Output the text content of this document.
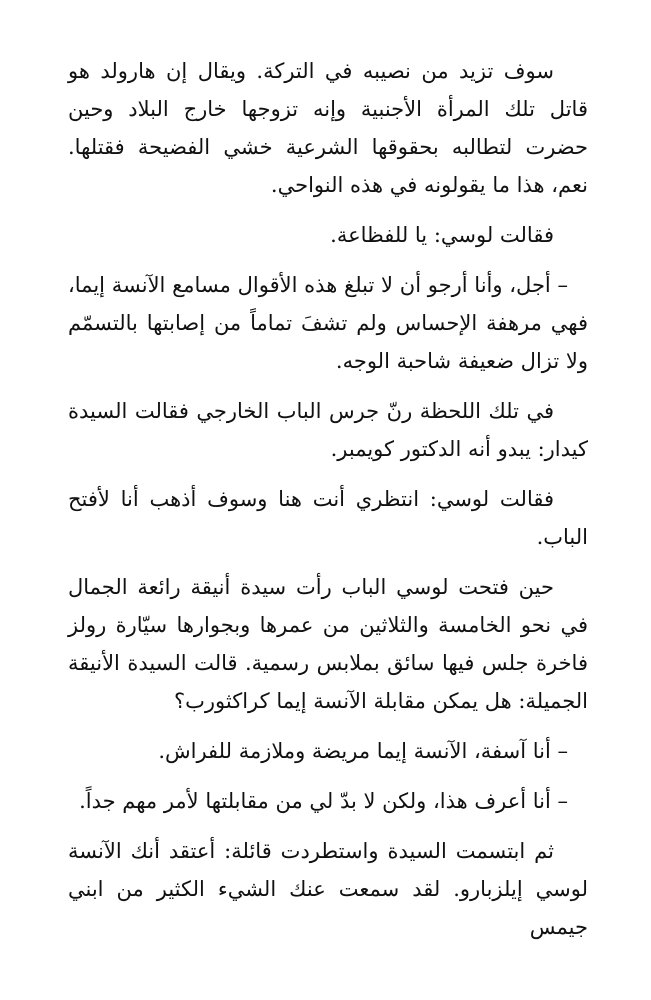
سوف تزيد من نصيبه في التركة. ويقال إن هارولد هو قاتل تلك المرأة الأجنبية وإنه تزوجها خارج البلاد وحين حضرت لتطالبه بحقوقها الشرعية خشي الفضيحة فقتلها. نعم، هذا ما يقولونه في هذه النواحي.

فقالت لوسي: يا للفظاعة.

– أجل، وأنا أرجو أن لا تبلغ هذه الأقوال مسامع الآنسة إيما، فهي مرهفة الإحساس ولم تشفَ تماماً من إصابتها بالتسمّم ولا تزال ضعيفة شاحبة الوجه.

في تلك اللحظة رنّ جرس الباب الخارجي فقالت السيدة كيدار: يبدو أنه الدكتور كويمبر.

فقالت لوسي: انتظري أنت هنا وسوف أذهب أنا لأفتح الباب.

حين فتحت لوسي الباب رأت سيدة أنيقة رائعة الجمال في نحو الخامسة والثلاثين من عمرها وبجوارها سيّارة رولز فاخرة جلس فيها سائق بملابس رسمية. قالت السيدة الأنيقة الجميلة: هل يمكن مقابلة الآنسة إيما كراكثورب؟

– أنا آسفة، الآنسة إيما مريضة وملازمة للفراش.

– أنا أعرف هذا، ولكن لا بدّ لي من مقابلتها لأمر مهم جداً.

ثم ابتسمت السيدة واستطردت قائلة: أعتقد أنك الآنسة لوسي إيلزبارو. لقد سمعت عنك الشيء الكثير من ابني جيمس
